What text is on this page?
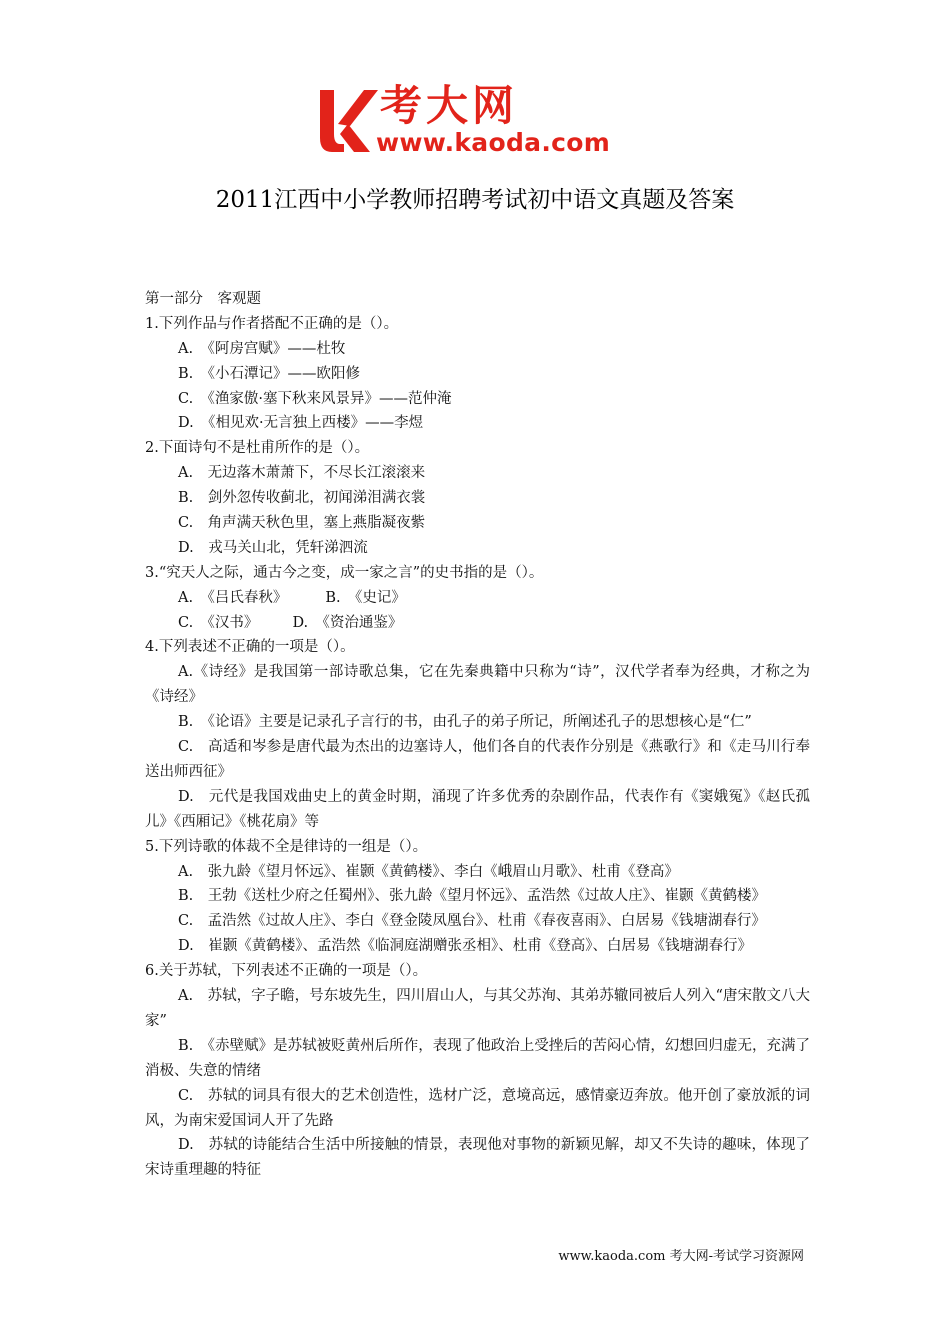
考大网
www.kaoda.com
2011江西中小学教师招聘考试初中语文真题及答案
第一部分　客观题
1.下列作品与作者搭配不正确的是（）。
A.　《阿房宫赋》——杜牧
B.　《小石潭记》——欧阳修
C.　《渔家傲·塞下秋来风景异》——范仲淹
D.　《相见欢·无言独上西楼》——李煜
2.下面诗句不是杜甫所作的是（）。
A.　无边落木萧萧下，不尽长江滚滚来
B.　剑外忽传收蓟北，初闻涕泪满衣裳
C.　角声满天秋色里，塞上燕脂凝夜紫
D.　戎马关山北，凭轩涕泗流
3.“究天人之际，通古今之变，成一家之言”的史书指的是（）。
A.　《吕氏春秋》	B.　《史记》
C.　《汉书》 D.　《资治通鉴》
4.下列表述不正确的一项是（）。
A.《诗经》是我国第一部诗歌总集，它在先秦典籍中只称为“诗”，汉代学者奉为经典，才称之为《诗经》
B.　《论语》主要是记录孔子言行的书，由孔子的弟子所记，所阐述孔子的思想核心是“仁”
C.　高适和岑参是唐代最为杰出的边塞诗人，他们各自的代表作分别是《燕歌行》和《走马川行奉送出师西征》
D.　元代是我国戏曲史上的黄金时期，涌现了许多优秀的杂剧作品，代表作有《窦娥冤》《赵氏孤儿》《西厢记》《桃花扇》等
5.下列诗歌的体裁不全是律诗的一组是（）。
A.　张九龄《望月怀远》、崔颢《黄鹤楼》、李白《峨眉山月歌》、杜甫《登高》
B.　王勃《送杜少府之任蜀州》、张九龄《望月怀远》、孟浩然《过故人庄》、崔颢《黄鹤楼》
C.　孟浩然《过故人庄》、李白《登金陵凤凰台》、杜甫《春夜喜雨》、白居易《钱塘湖春行》
D.　崔颢《黄鹤楼》、孟浩然《临洞庭湖赠张丞相》、杜甫《登高》、白居易《钱塘湖春行》
6.关于苏轼，下列表述不正确的一项是（）。
A.　苏轼，字子瞻，号东坡先生，四川眉山人，与其父苏洵、其弟苏辙同被后人列入“唐宋散文八大家”
B.　《赤壁赋》是苏轼被贬黄州后所作，表现了他政治上受挫后的苦闷心情，幻想回归虚无，充满了消极、失意的情绪
C.　苏轼的词具有很大的艺术创造性，选材广泛，意境高远，感情豪迈奔放。他开创了豪放派的词风，为南宋爱国词人开了先路
D.　苏轼的诗能结合生活中所接触的情景，表现他对事物的新颖见解，却又不失诗的趣味，体现了宋诗重理趣的特征
www.kaoda.com 考大网-考试学习资源网
